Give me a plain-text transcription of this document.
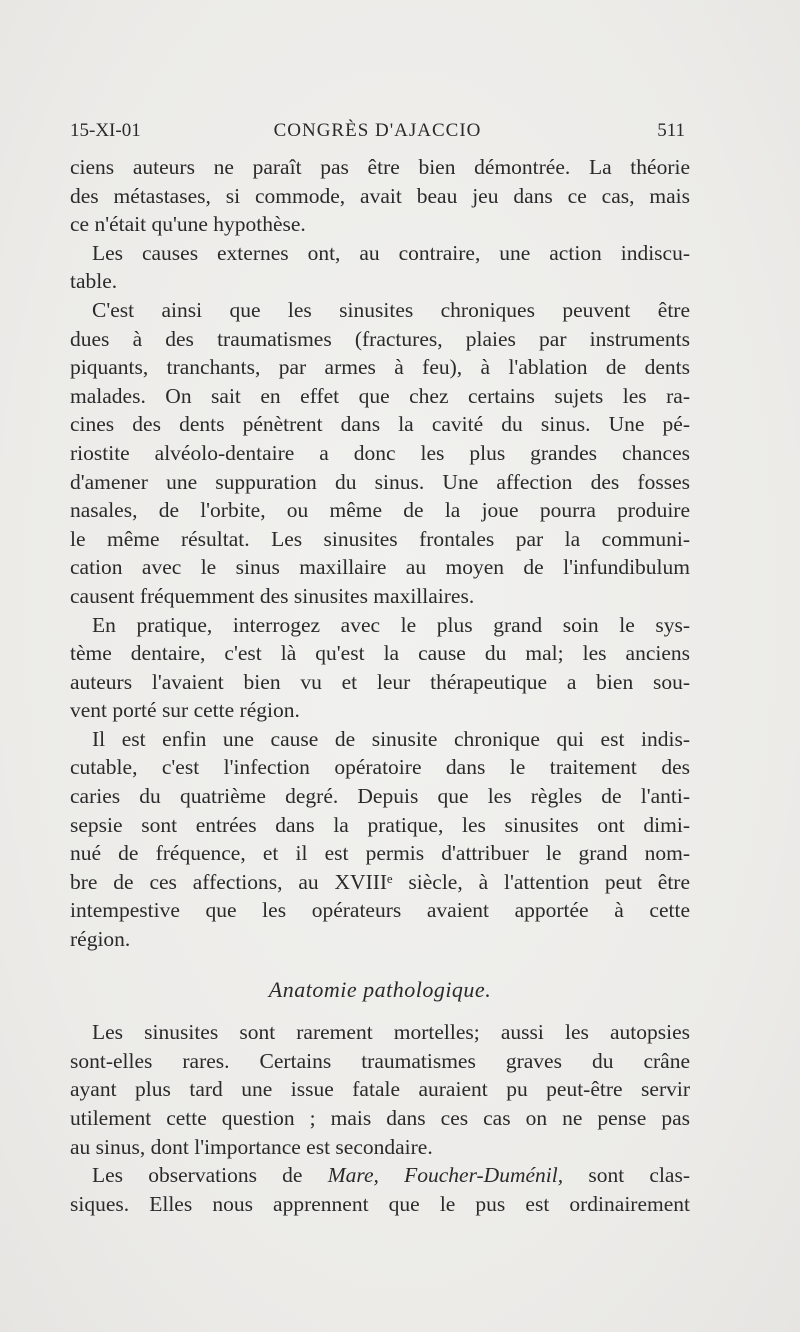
15-XI-01	CONGRÈS D'AJACCIO	511
ciens auteurs ne paraît pas être bien démontrée. La théorie
des métastases, si commode, avait beau jeu dans ce cas, mais
ce n'était qu'une hypothèse.
Les causes externes ont, au contraire, une action indiscu-
table.
C'est ainsi que les sinusites chroniques peuvent être
dues à des traumatismes (fractures, plaies par instruments
piquants, tranchants, par armes à feu), à l'ablation de dents
malades. On sait en effet que chez certains sujets les ra-
cines des dents pénètrent dans la cavité du sinus. Une pé-
riostite alvéolo-dentaire a donc les plus grandes chances
d'amener une suppuration du sinus. Une affection des fosses
nasales, de l'orbite, ou même de la joue pourra produire
le même résultat. Les sinusites frontales par la communi-
cation avec le sinus maxillaire au moyen de l'infundibulum
causent fréquemment des sinusites maxillaires.
En pratique, interrogez avec le plus grand soin le sys-
tème dentaire, c'est là qu'est la cause du mal; les anciens
auteurs l'avaient bien vu et leur thérapeutique a bien sou-
vent porté sur cette région.
Il est enfin une cause de sinusite chronique qui est indis-
cutable, c'est l'infection opératoire dans le traitement des
caries du quatrième degré. Depuis que les règles de l'anti-
sepsie sont entrées dans la pratique, les sinusites ont dimi-
nué de fréquence, et il est permis d'attribuer le grand nom-
bre de ces affections, au XVIIIᵉ siècle, à l'attention peut être
intempestive que les opérateurs avaient apportée à cette
région.
Anatomie pathologique.
Les sinusites sont rarement mortelles; aussi les autopsies
sont-elles rares. Certains traumatismes graves du crâne
ayant plus tard une issue fatale auraient pu peut-être servir
utilement cette question ; mais dans ces cas on ne pense pas
au sinus, dont l'importance est secondaire.
Les observations de Mare, Foucher-Duménil, sont clas-
siques. Elles nous apprennent que le pus est ordinairement
